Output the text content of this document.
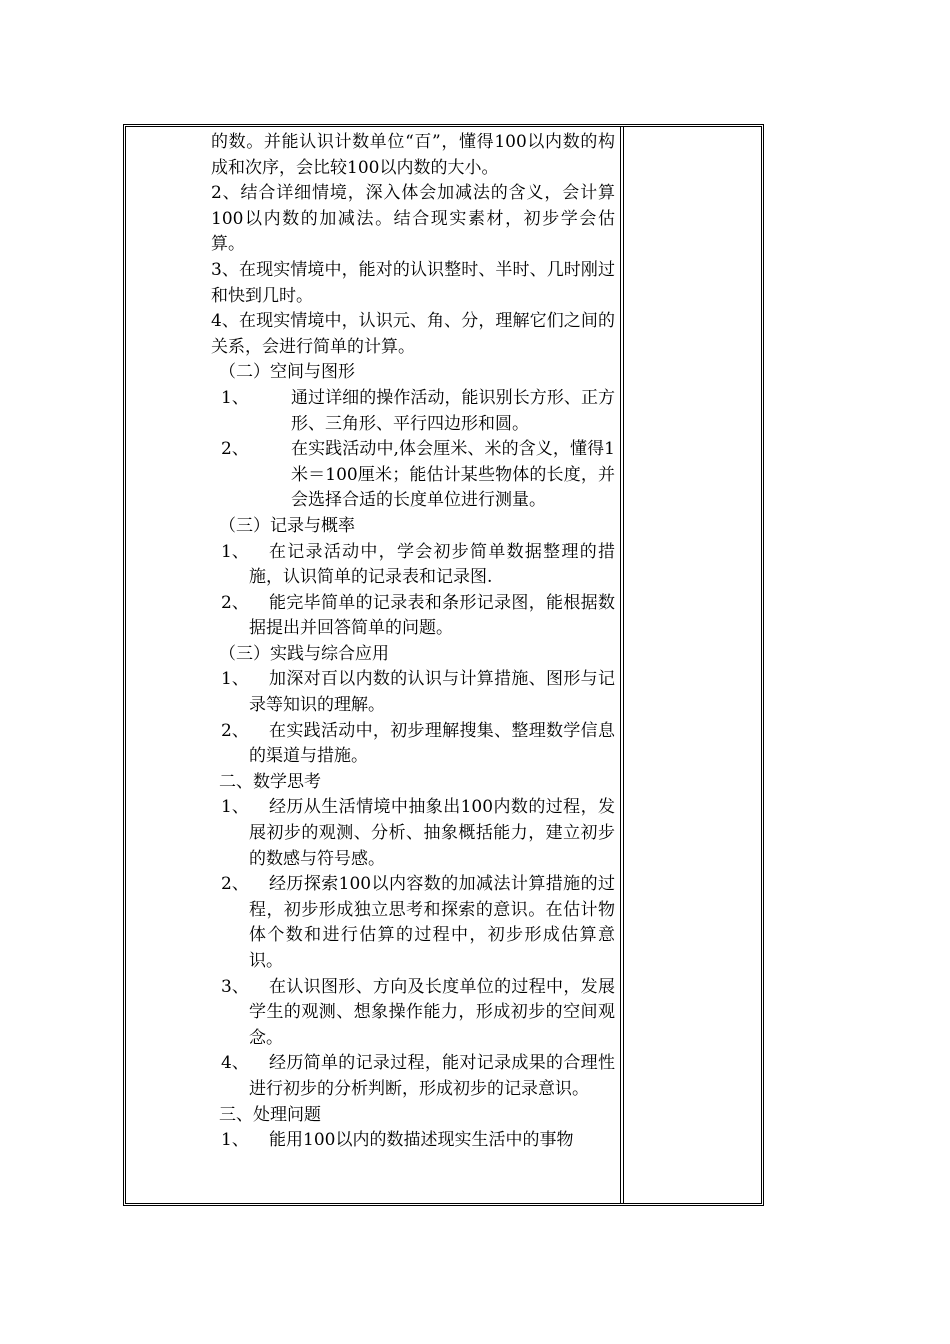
的数。并能认识计数单位“百”，懂得100以内数的构成和次序，会比较100以内数的大小。
2、结合详细情境，深入体会加减法的含义，会计算100以内数的加减法。结合现实素材，初步学会估算。
3、在现实情境中，能对的认识整时、半时、几时刚过和快到几时。
4、在现实情境中，认识元、角、分，理解它们之间的关系，会进行简单的计算。
（二）空间与图形
1、 通过详细的操作活动，能识别长方形、正方形、三角形、平行四边形和圆。
2、 在实践活动中,体会厘米、米的含义，懂得1米＝100厘米；能估计某些物体的长度，并会选择合适的长度单位进行测量。
（三）记录与概率
1、	在记录活动中，学会初步简单数据整理的措施，认识简单的记录表和记录图.
2、	能完毕简单的记录表和条形记录图，能根据数据提出并回答简单的问题。
（三）实践与综合应用
1、	加深对百以内数的认识与计算措施、图形与记录等知识的理解。
2、	在实践活动中，初步理解搜集、整理数学信息的渠道与措施。
二、数学思考
1、	经历从生活情境中抽象出100内数的过程，发展初步的观测、分析、抽象概括能力，建立初步的数感与符号感。
2、	经历探索100以内容数的加减法计算措施的过程，初步形成独立思考和探索的意识。在估计物体个数和进行估算的过程中，初步形成估算意识。
3、	在认识图形、方向及长度单位的过程中，发展学生的观测、想象操作能力，形成初步的空间观念。
4、	经历简单的记录过程，能对记录成果的合理性进行初步的分析判断，形成初步的记录意识。
三、处理问题
1、	能用100以内的数描述现实生活中的事物
